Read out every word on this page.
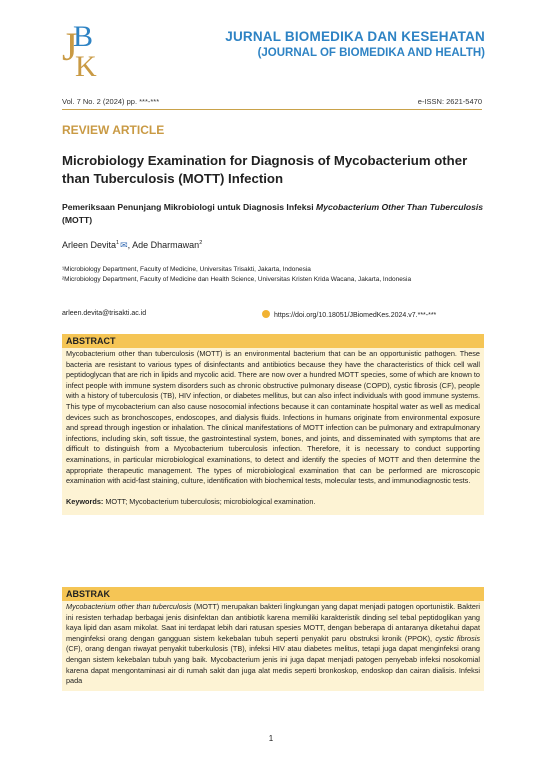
J
B
K
JURNAL BIOMEDIKA DAN KESEHATAN
(JOURNAL OF BIOMEDIKA AND HEALTH)
Vol. 7 No. 2 (2024) pp. ***-***	e-ISSN: 2621-5470
REVIEW ARTICLE
Microbiology Examination for Diagnosis of Mycobacterium other than Tuberculosis (MOTT) Infection
Pemeriksaan Penunjang Mikrobiologi untuk Diagnosis Infeksi Mycobacterium Other Than Tuberculosis (MOTT)
Arleen Devita$^1$✉, Ade Dharmawan$^2$
¹Microbiology Department, Faculty of Medicine, Universitas Trisakti, Jakarta, Indonesia
²Microbiology Department, Faculty of Medicine dan Health Science, Universitas Kristen Krida Wacana, Jakarta, Indonesia
arleen.devita@trisakti.ac.id	https://doi.org/10.18051/JBiomedKes.2024.v7.***-***
ABSTRACT
Mycobacterium other than tuberculosis (MOTT) is an environmental bacterium that can be an opportunistic pathogen. These bacteria are resistant to various types of disinfectants and antibiotics because they have the characteristics of thick cell wall peptidoglycan that are rich in lipids and mycolic acid. There are now over a hundred MOTT species, some of which are known to infect people with immune system disorders such as chronic obstructive pulmonary disease (COPD), cystic fibrosis (CF), people with a history of tuberculosis (TB), HIV infection, or diabetes mellitus, but can also infect individuals with good immune systems. This type of mycobacterium can also cause nosocomial infections because it can contaminate hospital water as well as medical devices such as bronchoscopes, endoscopes, and dialysis fluids. Infections in humans originate from environmental exposure and spread through ingestion or inhalation. The clinical manifestations of MOTT infection can be pulmonary and extrapulmonary infections, including skin, soft tissue, the gastrointestinal system, bones, and joints, and disseminated with symptoms that are difficult to distinguish from a Mycobacterium tuberculosis infection. Therefore, it is necessary to conduct supporting examinations, in particular microbiological examinations, to detect and identify the species of MOTT and then determine the appropriate therapeutic management. The types of microbiological examination that can be performed are microscopic examination with acid-fast staining, culture, identification with biochemical tests, molecular tests, and immunodiagnostic tests.
Keywords: MOTT; Mycobacterium tuberculosis; microbiological examination.
ABSTRAK
Mycobacterium other than tuberculosis (MOTT) merupakan bakteri lingkungan yang dapat menjadi patogen oportunistik. Bakteri ini resisten terhadap berbagai jenis disinfektan dan antibiotik karena memiliki karakteristik dinding sel tebal peptidoglikan yang kaya lipid dan asam mikolat. Saat ini terdapat lebih dari ratusan spesies MOTT, dengan beberapa di antaranya diketahui dapat menginfeksi orang dengan gangguan sistem kekebalan tubuh seperti penyakit paru obstruksi kronik (PPOK), cystic fibrosis (CF), orang dengan riwayat penyakit tuberkulosis (TB), infeksi HIV atau diabetes melitus, tetapi juga dapat menginfeksi orang dengan sistem kekebalan tubuh yang baik. Mycobacterium jenis ini juga dapat menjadi patogen penyebab infeksi nosokomial karena dapat mengontaminasi air di rumah sakit dan juga alat medis seperti bronkoskop, endoskop dan cairan dialisis. Infeksi pada
1
